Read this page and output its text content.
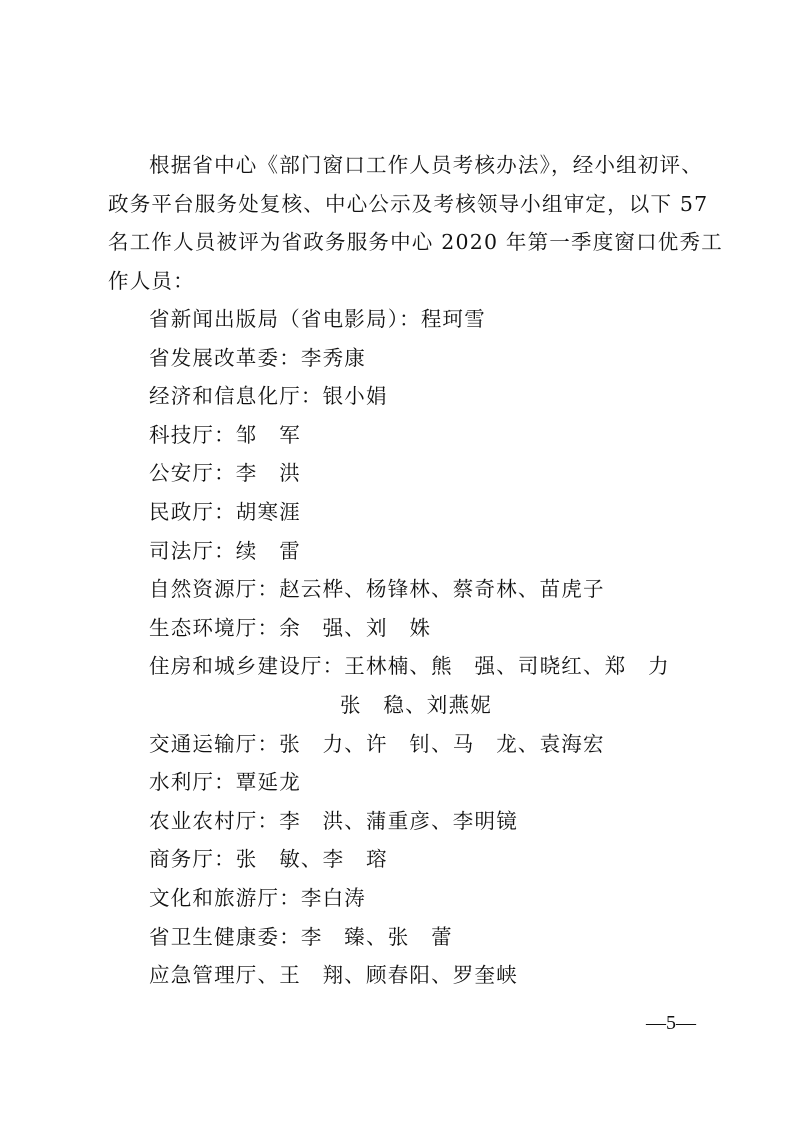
根据省中心《部门窗口工作人员考核办法》，经小组初评、
政务平台服务处复核、中心公示及考核领导小组审定，以下 57
名工作人员被评为省政务服务中心 2020 年第一季度窗口优秀工
作人员：
省新闻出版局（省电影局）：程珂雪
省发展改革委：李秀康
经济和信息化厅：银小娟
科技厅：邹　军
公安厅：李　洪
民政厅：胡寒涯
司法厅：续　雷
自然资源厅：赵云桦、杨锋林、蔡奇林、苗虎子
生态环境厅：余　强、刘　姝
住房和城乡建设厅：王林楠、熊　强、司晓红、郑　力
张　稳、刘燕妮
交通运输厅：张　力、许　钊、马　龙、袁海宏
水利厅：覃延龙
农业农村厅：李　洪、蒲重彦、李明镜
商务厅：张　敏、李　瑢
文化和旅游厅：李白涛
省卫生健康委：李　臻、张　蕾
应急管理厅、王　翔、顾春阳、罗奎峡
—5—
